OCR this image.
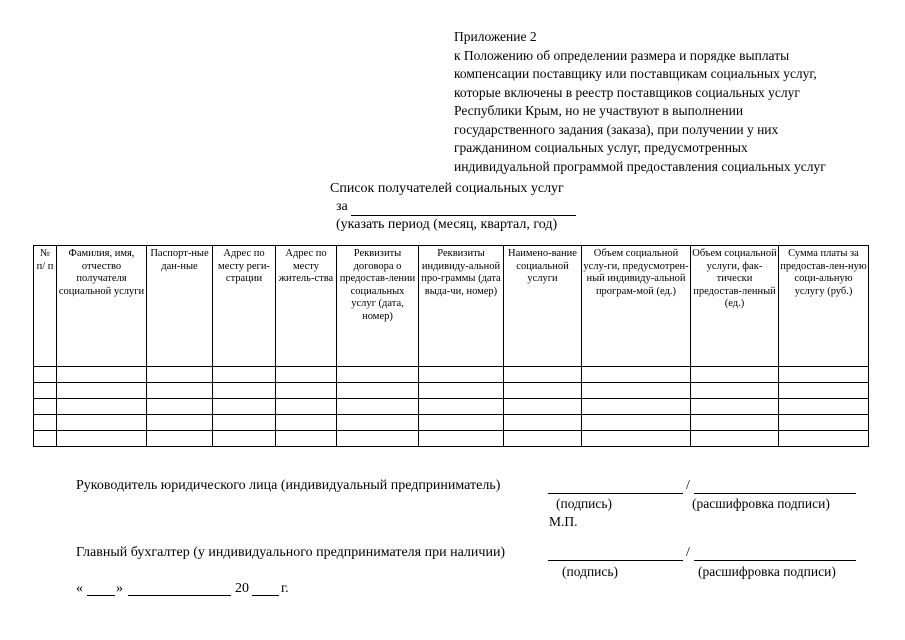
Приложение 2
к Положению об определении размера и порядке выплаты
компенсации поставщику или поставщикам социальных услуг,
которые включены в реестр поставщиков социальных услуг
Республики Крым, но не участвуют в выполнении
государственного задания (заказа), при получении у них
гражданином социальных услуг, предусмотренных
индивидуальной программой предоставления социальных услуг
Список получателей социальных услуг
за
(указать период (месяц, квартал, год)
№ п/ п	Фамилия, имя, отчество получателя социальной услуги	Паспорт-ные дан-ные	Адрес по месту реги-страции	Адрес по месту житель-ства	Реквизиты договора о предостав-лении социальных услуг (дата, номер)	Реквизиты индивиду-альной про-граммы (дата выда-чи, номер)	Наимено-вание социальной услуги	Объем социальной услу-ги, предусмотрен-ный индивиду-альной програм-мой (ед.)	Объем социальной услуги, фак-тически предостав-ленный (ед.)	Сумма платы за предостав-лен-ную соци-альную услугу (руб.)

Руководитель юридического лица (индивидуальный предприниматель)	/
(подпись)	(расшифровка подписи)
М.П.
Главный бухгалтер (у индивидуального предпринимателя при наличии)	/
(подпись)	(расшифровка подписи)
« »	20 г.
